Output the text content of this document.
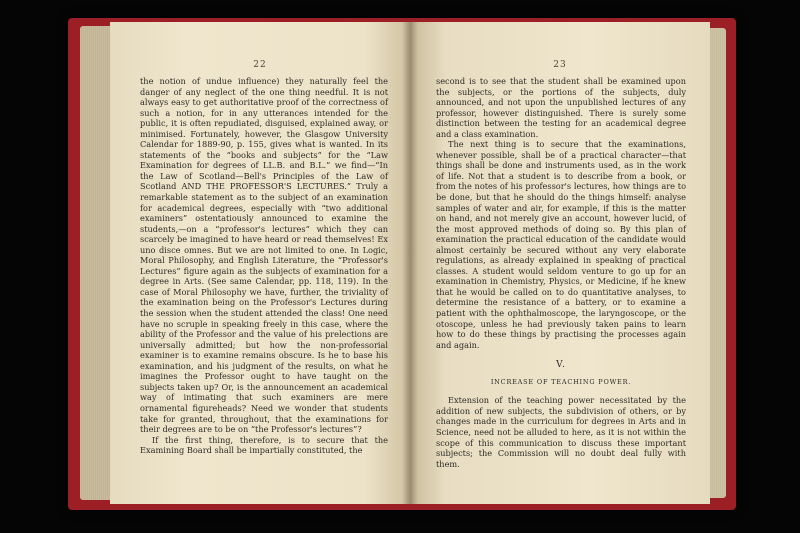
22

the notion of undue influence) they naturally feel the danger of any neglect of the one thing needful. It is not always easy to get authoritative proof of the correctness of such a notion, for in any utterances intended for the public, it is often repudiated, disguised, explained away, or minimised. Fortunately, however, the Glasgow University Calendar for 1889-90, p. 155, gives what is wanted. In its statements of the “books and subjects” for the “Law Examination for degrees of LL.B. and B.L.” we find—“In the Law of Scotland—Bell's Principles of the Law of Scotland AND THE PROFESSOR'S LECTURES.” Truly a remarkable statement as to the subject of an examination for academical degrees, especially with “two additional examiners” ostentatiously announced to examine the students,—on a “professor's lectures” which they can scarcely be imagined to have heard or read themselves! Ex uno disce omnes. But we are not limited to one. In Logic, Moral Philosophy, and English Literature, the “Professor's Lectures” figure again as the subjects of examination for a degree in Arts. (See same Calendar, pp. 118, 119). In the case of Moral Philosophy we have, further, the triviality of the examination being on the Professor's Lectures during the session when the student attended the class! One need have no scruple in speaking freely in this case, where the ability of the Professor and the value of his prelections are universally admitted; but how the non-professorial examiner is to examine remains obscure. Is he to base his examination, and his judgment of the results, on what he imagines the Professor ought to have taught on the subjects taken up? Or, is the announcement an academical way of intimating that such examiners are mere ornamental figureheads? Need we wonder that students take for granted, throughout, that the examinations for their degrees are to be on “the Professor's lectures”?

If the first thing, therefore, is to secure that the Examining Board shall be impartially constituted, the

23

second is to see that the student shall be examined upon the subjects, or the portions of the subjects, duly announced, and not upon the unpublished lectures of any professor, however distinguished. There is surely some distinction between the testing for an academical degree and a class examination.

The next thing is to secure that the examinations, whenever possible, shall be of a practical character—that things shall be done and instruments used, as in the work of life. Not that a student is to describe from a book, or from the notes of his professor's lectures, how things are to be done, but that he should do the things himself: analyse samples of water and air, for example, if this is the matter on hand, and not merely give an account, however lucid, of the most approved methods of doing so. By this plan of examination the practical education of the candidate would almost certainly be secured without any very elaborate regulations, as already explained in speaking of practical classes. A student would seldom venture to go up for an examination in Chemistry, Physics, or Medicine, if he knew that he would be called on to do quantitative analyses, to determine the resistance of a battery, or to examine a patient with the ophthalmoscope, the laryngoscope, or the otoscope, unless he had previously taken pains to learn how to do these things by practising the processes again and again.

V.
INCREASE OF TEACHING POWER.

Extension of the teaching power necessitated by the addition of new subjects, the subdivision of others, or by changes made in the curriculum for degrees in Arts and in Science, need not be alluded to here, as it is not within the scope of this communication to discuss these important subjects; the Commission will no doubt deal fully with them.
